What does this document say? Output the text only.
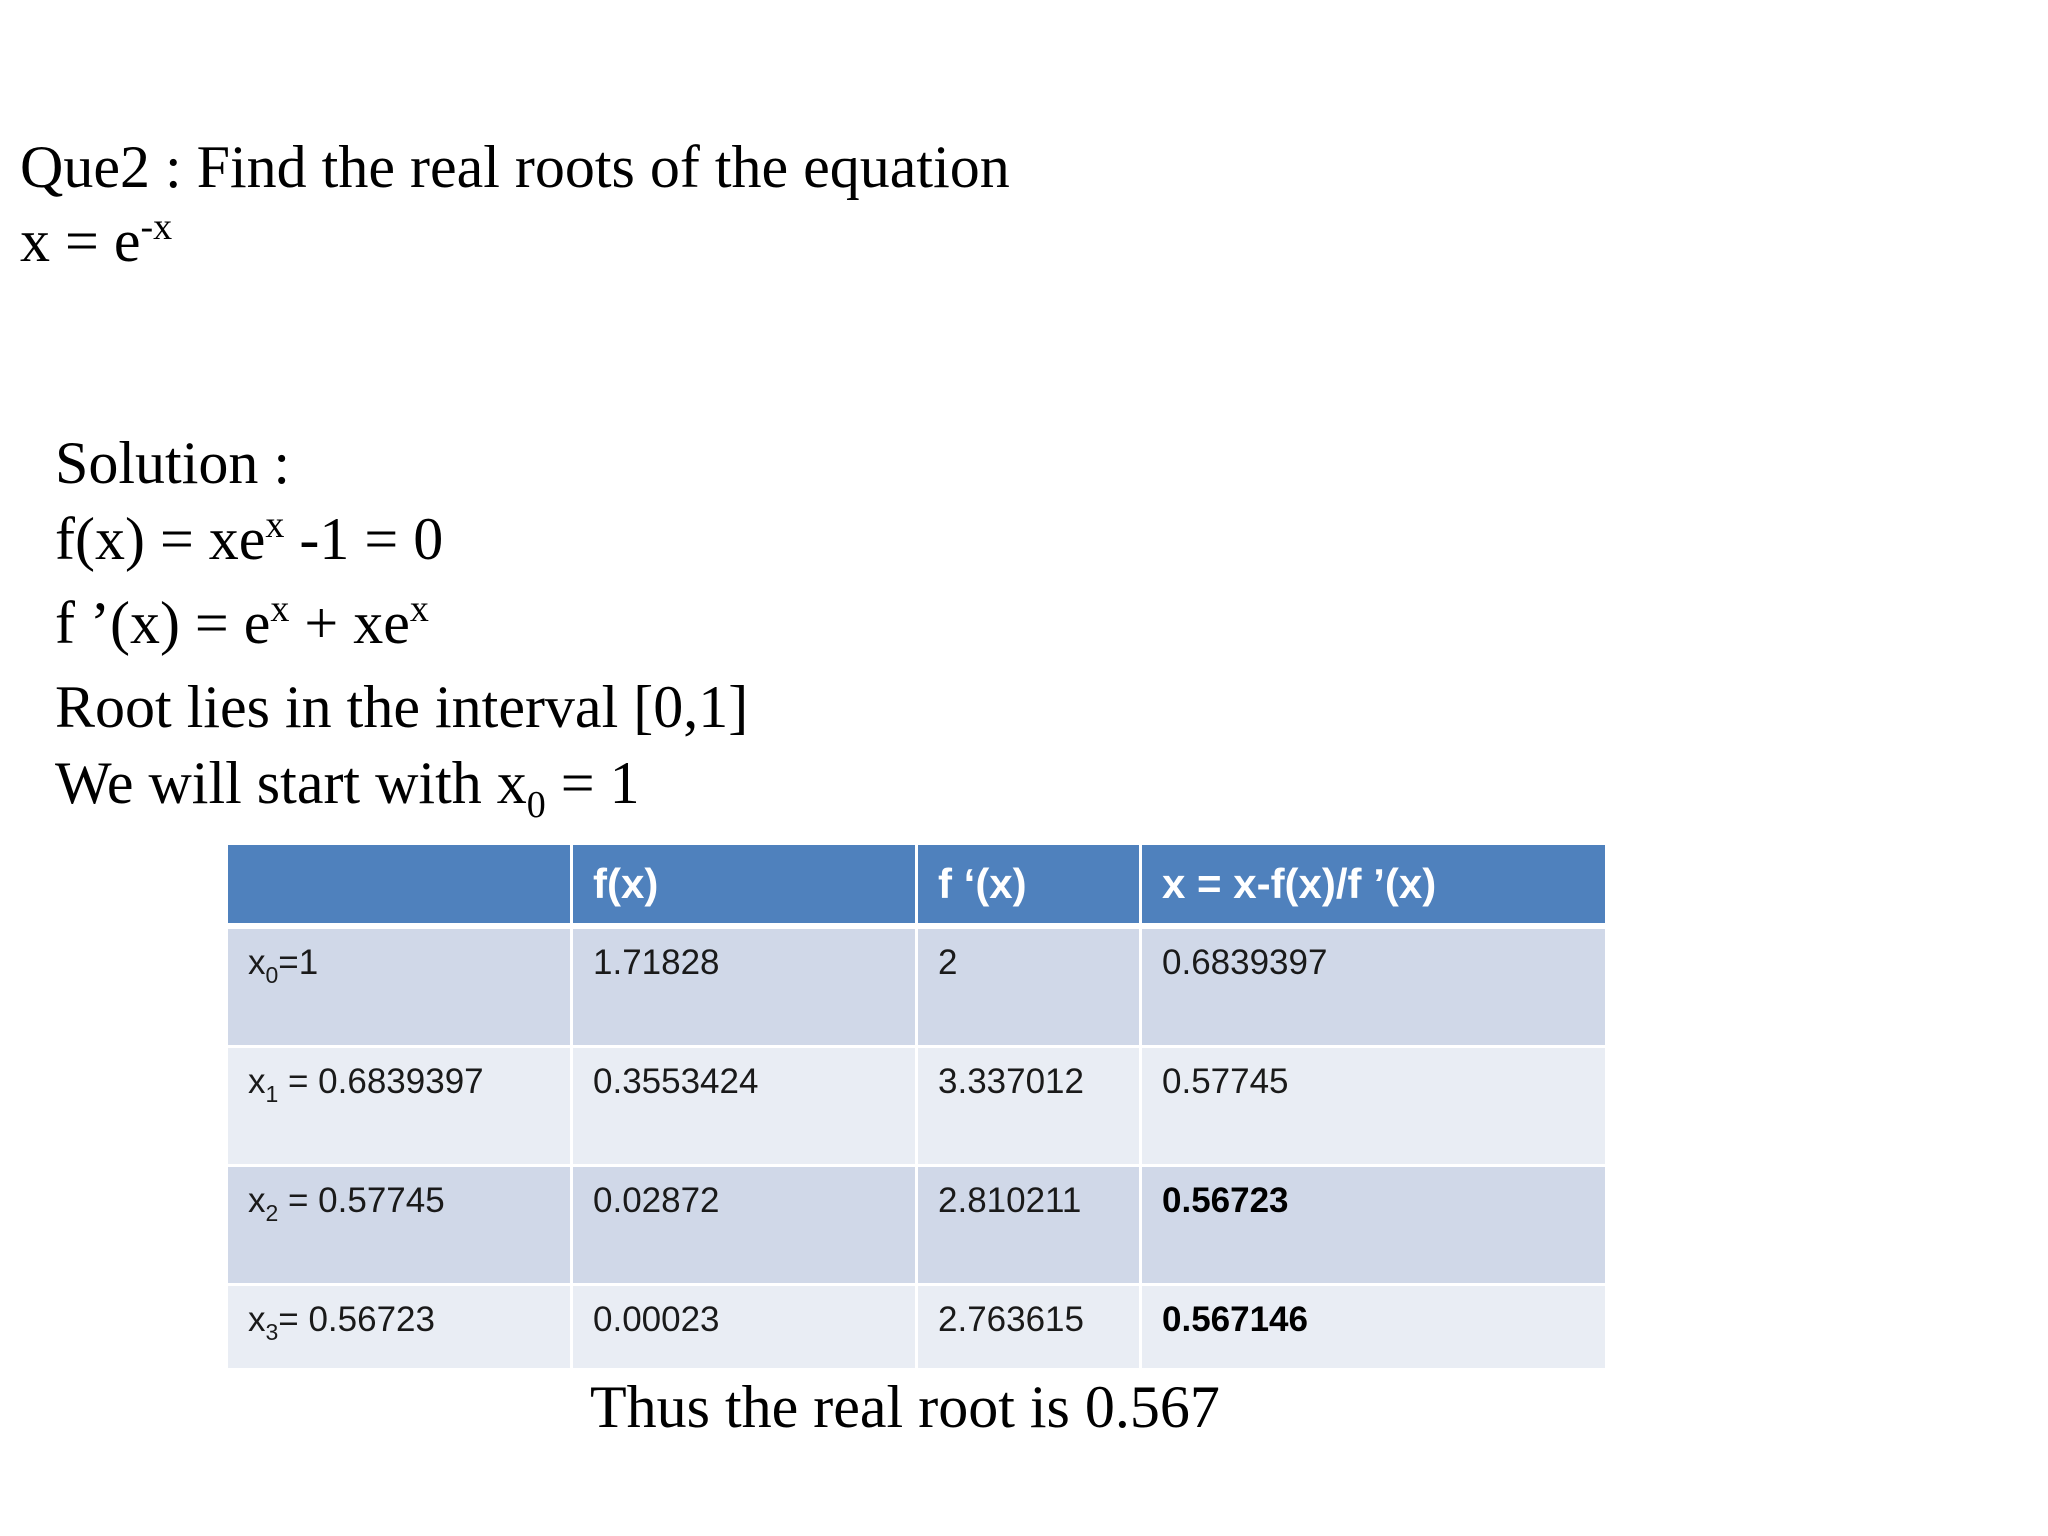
Que2 : Find the real roots of the equation
$x = e^{-x}$
Solution :
$f(x) = xe^x$ -1 = 0
f ’(x) = $e^x + xe^x$
Root lies in the interval [0,1]
We will start with $x_0 = 1$
	f(x)	f ‘(x)	x = x-f(x)/f ’(x)
$x_0=1$	1.71828	2	0.6839397
$x_1 = 0.6839397$	0.3553424	3.337012	0.57745
$x_2 = 0.57745$	0.02872	2.810211	0.56723
$x_3= 0.56723$	0.00023	2.763615	0.567146
Thus the real root is 0.567
